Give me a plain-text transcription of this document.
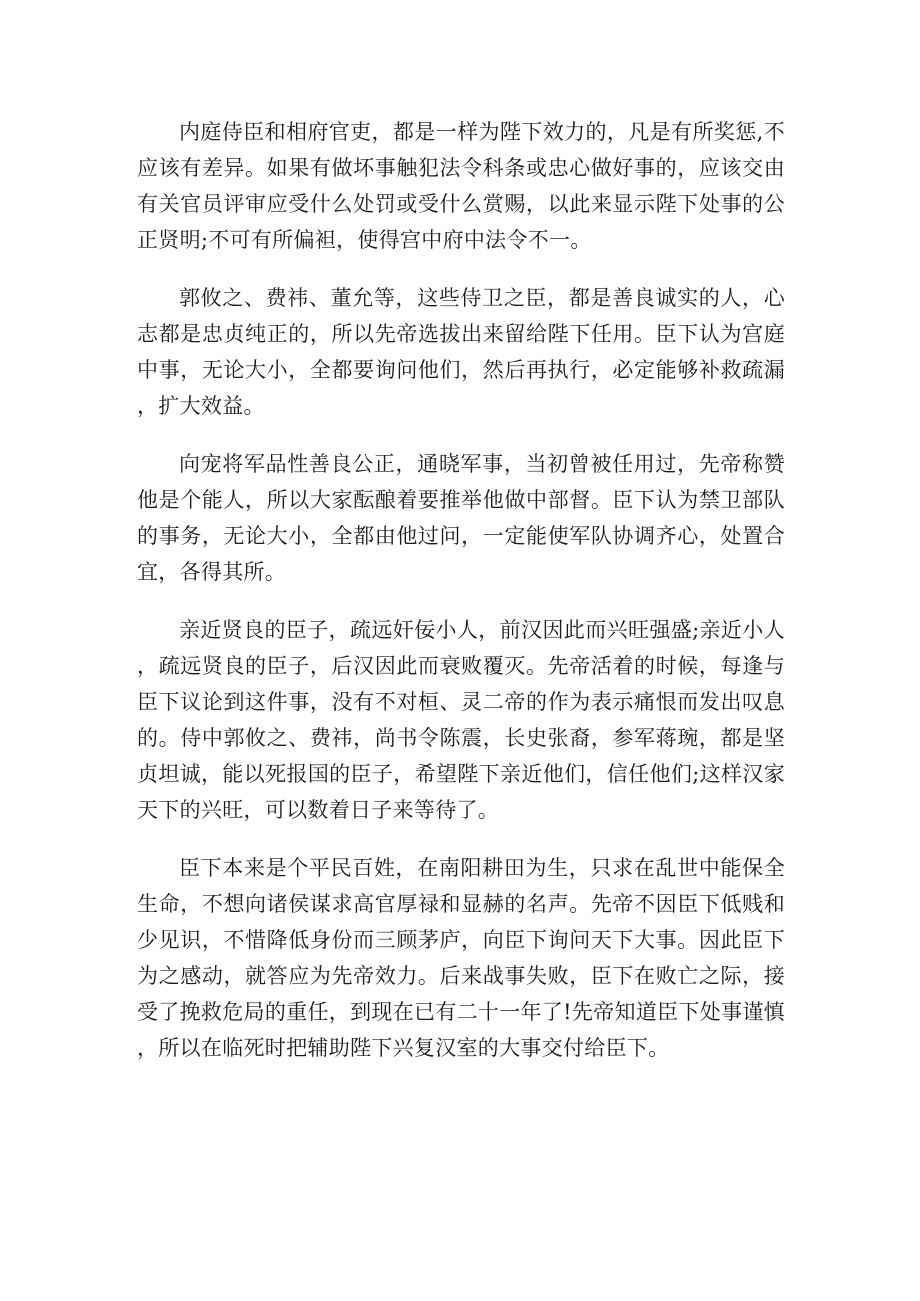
内庭侍臣和相府官吏，都是一样为陛下效力的，凡是有所奖惩,不应该有差异。如果有做坏事触犯法令科条或忠心做好事的，应该交由有关官员评审应受什么处罚或受什么赏赐，以此来显示陛下处事的公正贤明;不可有所偏袒，使得宫中府中法令不一。

郭攸之、费祎、董允等，这些侍卫之臣，都是善良诚实的人，心志都是忠贞纯正的，所以先帝选拔出来留给陛下任用。臣下认为宫庭中事，无论大小，全都要询问他们，然后再执行，必定能够补救疏漏，扩大效益。

向宠将军品性善良公正，通晓军事，当初曾被任用过，先帝称赞他是个能人，所以大家酝酿着要推举他做中部督。臣下认为禁卫部队的事务，无论大小，全都由他过问，一定能使军队协调齐心，处置合宜，各得其所。

亲近贤良的臣子，疏远奸佞小人，前汉因此而兴旺强盛;亲近小人，疏远贤良的臣子，后汉因此而衰败覆灭。先帝活着的时候，每逢与臣下议论到这件事，没有不对桓、灵二帝的作为表示痛恨而发出叹息的。侍中郭攸之、费祎，尚书令陈震，长史张裔，参军蒋琬，都是坚贞坦诚，能以死报国的臣子，希望陛下亲近他们，信任他们;这样汉家天下的兴旺，可以数着日子来等待了。

臣下本来是个平民百姓，在南阳耕田为生，只求在乱世中能保全生命，不想向诸侯谋求高官厚禄和显赫的名声。先帝不因臣下低贱和少见识，不惜降低身份而三顾茅庐，向臣下询问天下大事。因此臣下为之感动，就答应为先帝效力。后来战事失败，臣下在败亡之际，接受了挽救危局的重任，到现在已有二十一年了!先帝知道臣下处事谨慎，所以在临死时把辅助陛下兴复汉室的大事交付给臣下。
